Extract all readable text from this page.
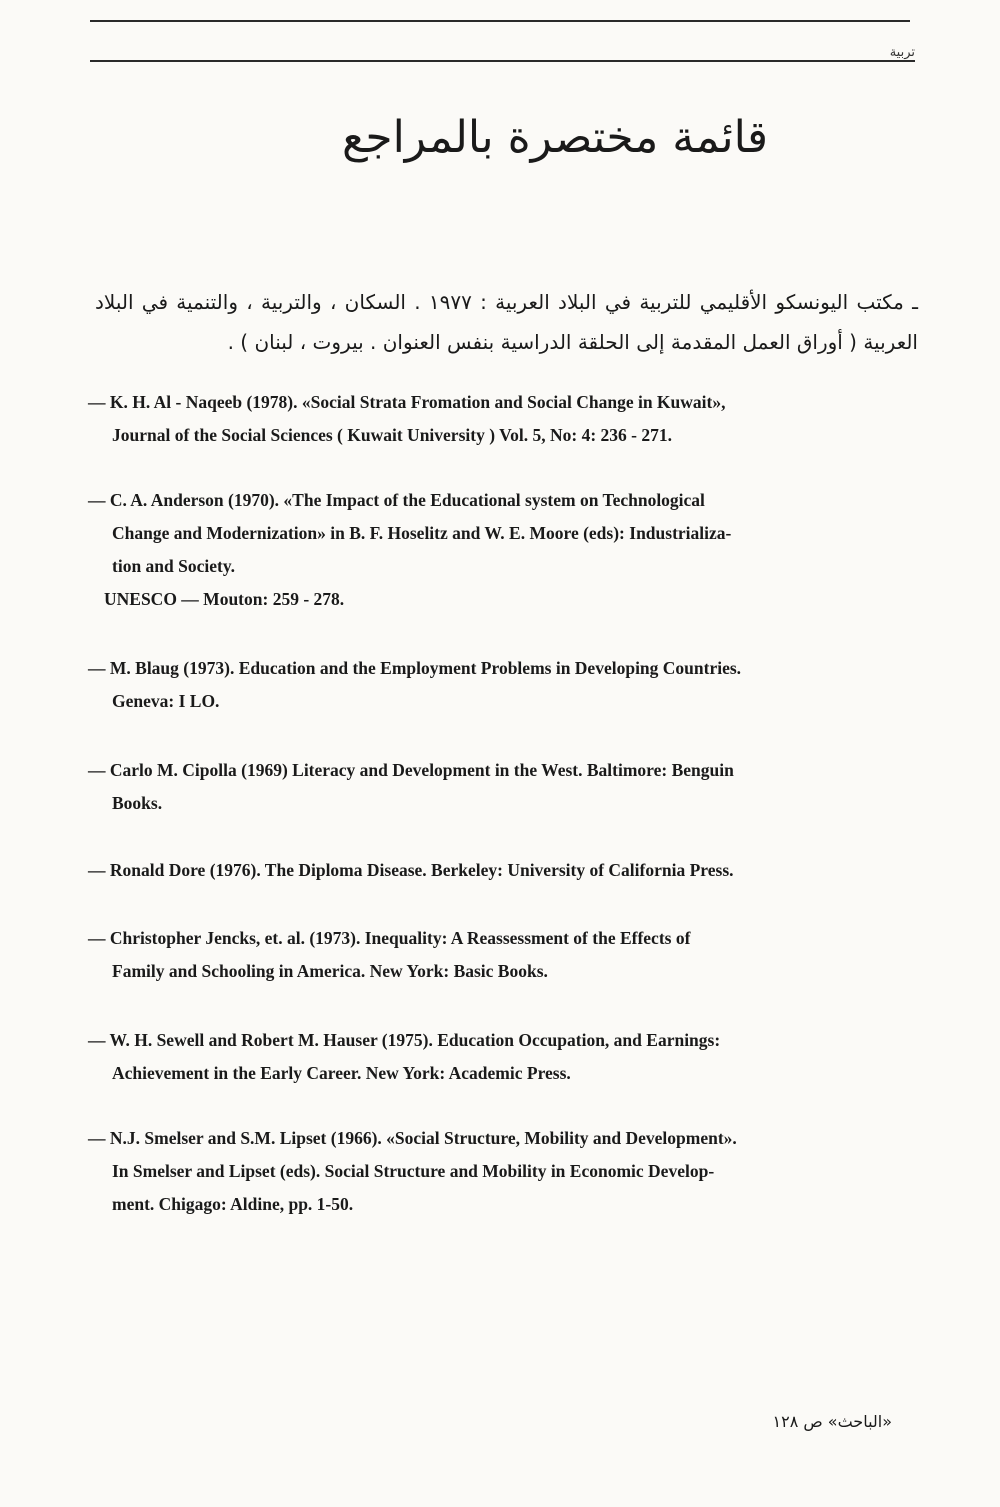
تربية
قائمة مختصرة بالمراجع
ـ مكتب اليونسكو الأقليمي للتربية في البلاد العربية : ١٩٧٧ . السكان ، والتربية ، والتنمية في البلاد العربية ( أوراق العمل المقدمة إلى الحلقة الدراسية بنفس العنوان . بيروت ، لبنان ) .
— K. H. Al - Naqeeb (1978). «Social Strata Fromation and Social Change in Kuwait»,
Journal of the Social Sciences ( Kuwait University ) Vol. 5, No: 4: 236 - 271.
— C. A. Anderson (1970). «The Impact of the Educational system on Technological
Change and Modernization» in B. F. Hoselitz and W. E. Moore (eds): Industrializa-
tion and Society.
UNESCO — Mouton: 259 - 278.
— M. Blaug (1973). Education and the Employment Problems in Developing Countries.
Geneva: I LO.
— Carlo M. Cipolla (1969) Literacy and Development in the West. Baltimore: Benguin
Books.
— Ronald Dore (1976). The Diploma Disease. Berkeley: University of California Press.
— Christopher Jencks, et. al. (1973). Inequality: A Reassessment of the Effects of
Family and Schooling in America. New York: Basic Books.
— W. H. Sewell and Robert M. Hauser (1975). Education Occupation, and Earnings:
Achievement in the Early Career. New York: Academic Press.
— N.J. Smelser and S.M. Lipset (1966). «Social Structure, Mobility and Development».
In Smelser and Lipset (eds). Social Structure and Mobility in Economic Develop-
ment. Chigago: Aldine, pp. 1-50.
«الباحث» ص ١٢٨
